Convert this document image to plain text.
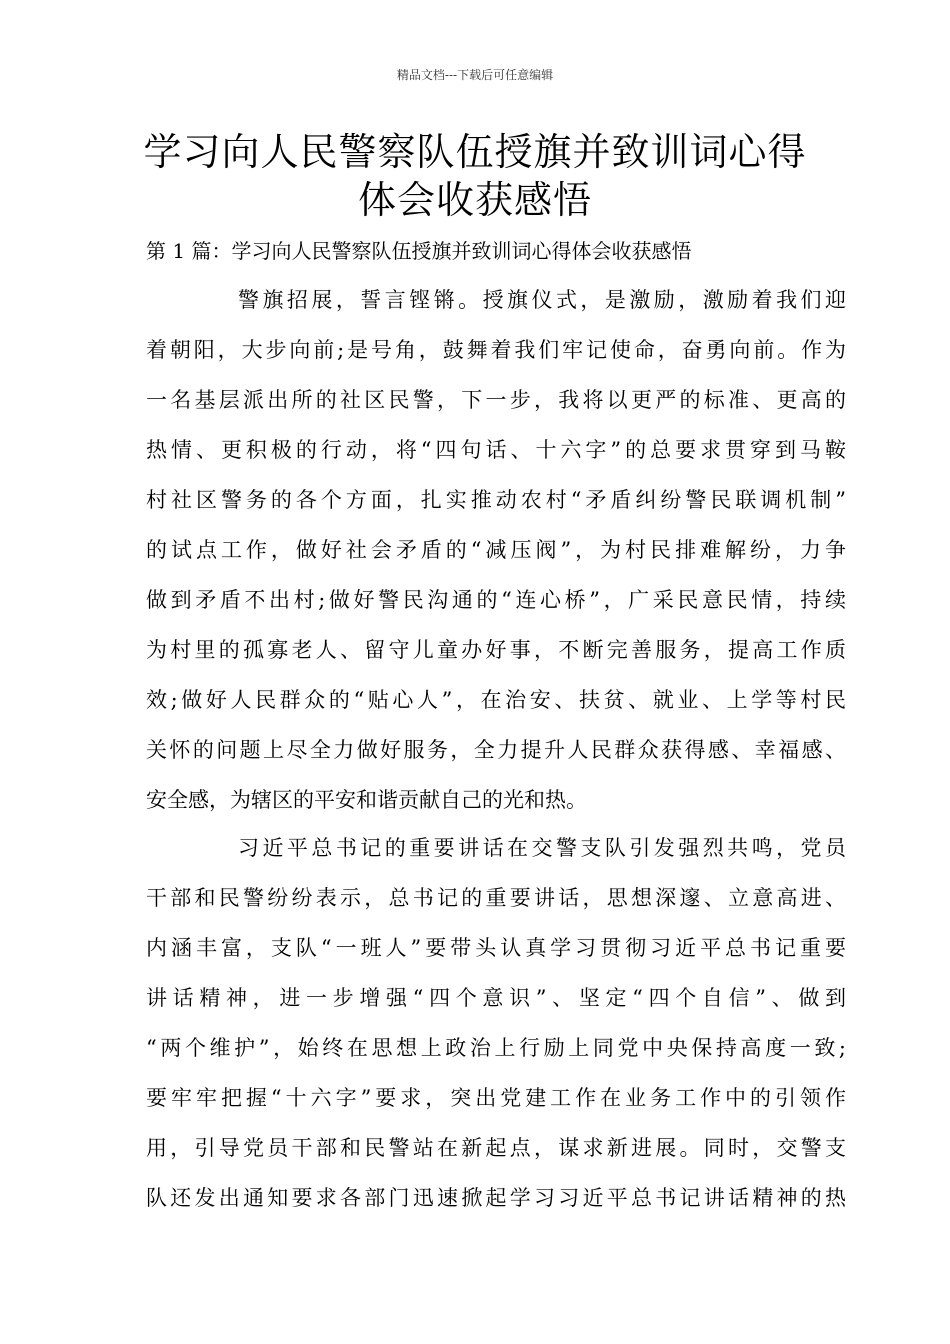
精品文档---下载后可任意编辑
学习向人民警察队伍授旗并致训词心得
体会收获感悟
第 1 篇：学习向人民警察队伍授旗并致训词心得体会收获感悟
警旗招展，誓言铿锵。授旗仪式，是激励，激励着我们迎
着朝阳，大步向前;是号角，鼓舞着我们牢记使命，奋勇向前。作为
一名基层派出所的社区民警，下一步，我将以更严的标准、更高的
热情、更积极的行动，将“四句话、十六字”的总要求贯穿到马鞍
村社区警务的各个方面，扎实推动农村“矛盾纠纷警民联调机制”
的试点工作，做好社会矛盾的“减压阀”，为村民排难解纷，力争
做到矛盾不出村;做好警民沟通的“连心桥”，广采民意民情，持续
为村里的孤寡老人、留守儿童办好事，不断完善服务，提高工作质
效;做好人民群众的“贴心人”，在治安、扶贫、就业、上学等村民
关怀的问题上尽全力做好服务，全力提升人民群众获得感、幸福感、
安全感，为辖区的平安和谐贡献自己的光和热。
习近平总书记的重要讲话在交警支队引发强烈共鸣，党员
干部和民警纷纷表示，总书记的重要讲话，思想深邃、立意高进、
内涵丰富，支队“一班人”要带头认真学习贯彻习近平总书记重要
讲话精神，进一步增强“四个意识”、坚定“四个自信”、做到
“两个维护”，始终在思想上政治上行励上同党中央保持高度一致;
要牢牢把握“十六字”要求，突出党建工作在业务工作中的引领作
用，引导党员干部和民警站在新起点，谋求新进展。同时，交警支
队还发出通知要求各部门迅速掀起学习习近平总书记讲话精神的热
